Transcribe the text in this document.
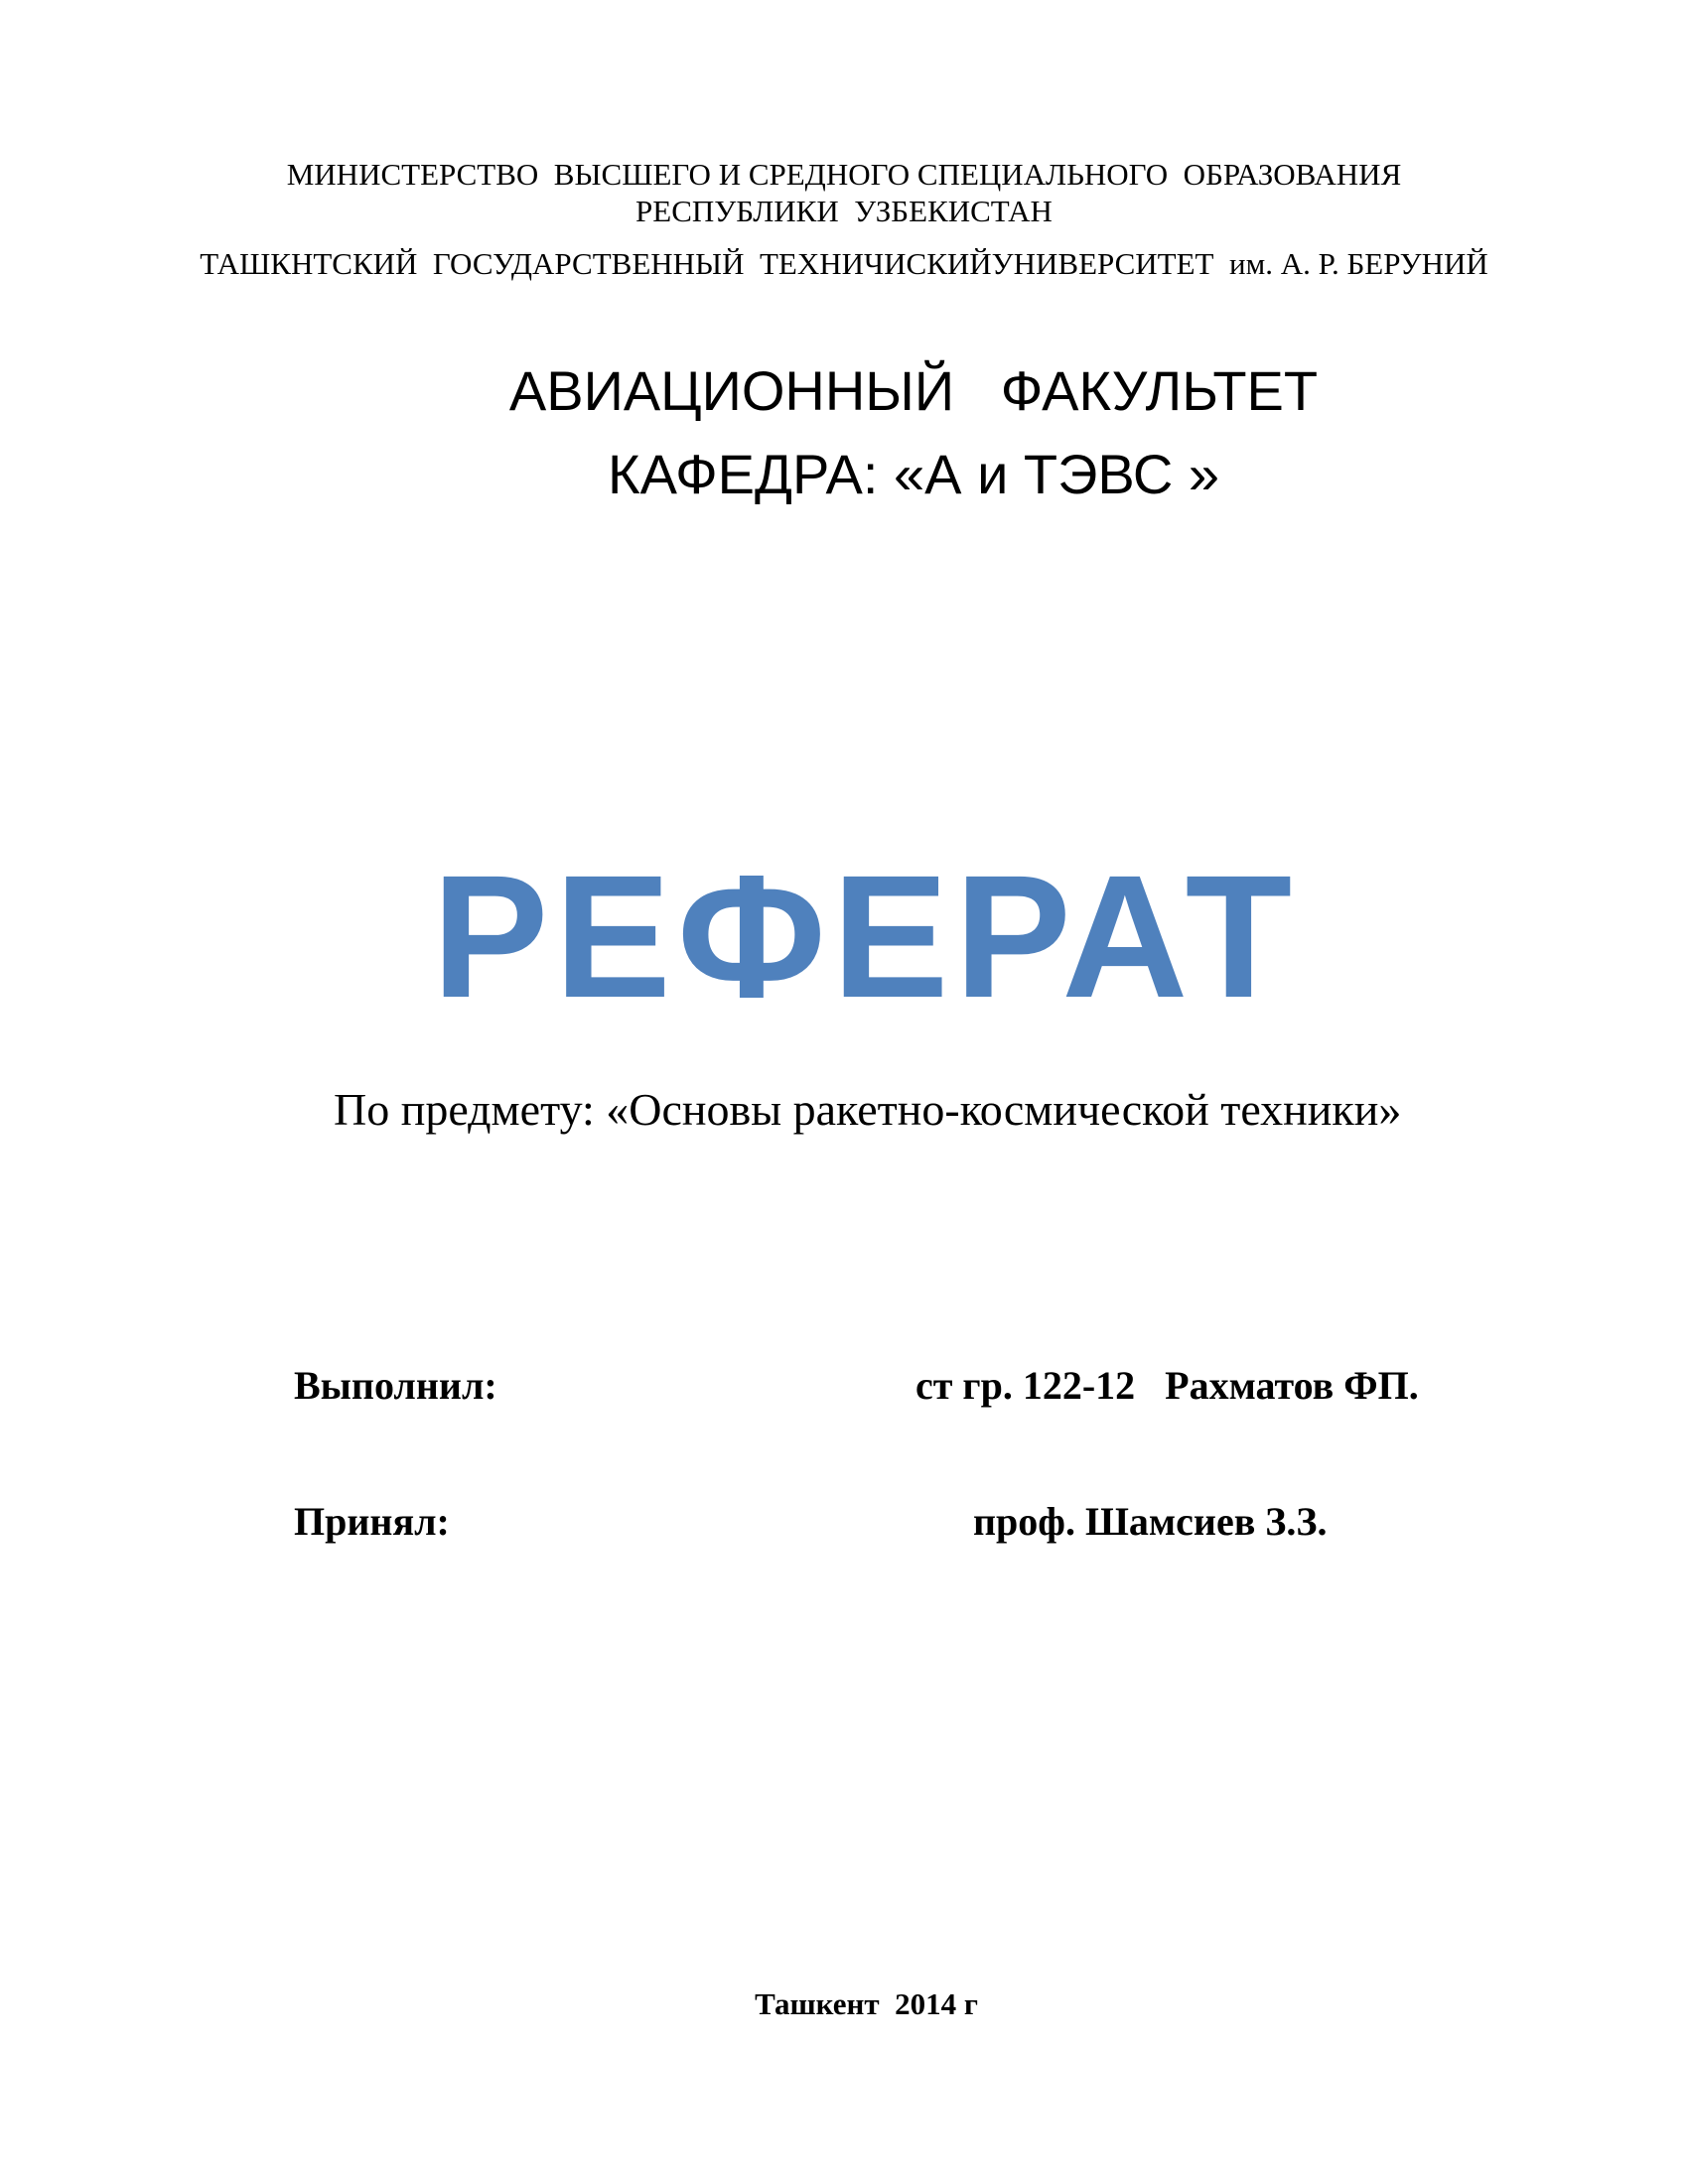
МИНИСТЕРСТВО  ВЫСШЕГО И СРЕДНОГО СПЕЦИАЛЬНОГО  ОБРАЗОВАНИЯ
РЕСПУБЛИКИ  УЗБЕКИСТАН
ТАШКНТСКИЙ  ГОСУДАРСТВЕННЫЙ  ТЕХНИЧИСКИЙУНИВЕРСИТЕТ  им. А. Р. БЕРУНИЙ
АВИАЦИОННЫЙ   ФАКУЛЬТЕТ
КАФЕДРА: «А и ТЭВС »

РЕФЕРАТ

По предмету: «Основы ракетно-космической техники»
Выполнил:	ст гр. 122-12   Рахматов ФП.
Принял:	проф. Шамсиев З.З.
Ташкент  2014 г
